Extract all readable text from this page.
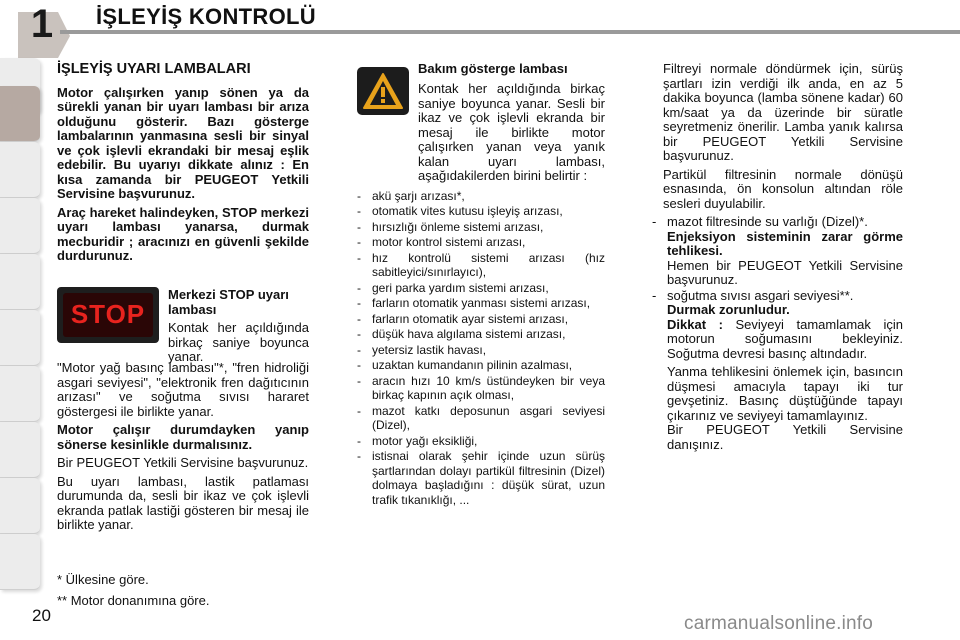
1	İŞLEYİŞ KONTROLÜ

İŞLEYİŞ UYARI LAMBALARI

Motor çalışırken yanıp sönen ya da sürekli yanan bir uyarı lambası bir arıza olduğunu gösterir. Bazı gösterge lambalarının yanmasına sesli bir sinyal ve çok işlevli ekrandaki bir mesaj eşlik edebilir. Bu uyarıyı dikkate alınız : En kısa zamanda bir PEUGEOT Yetkili Servisine başvurunuz.

Araç hareket halindeyken, STOP merkezi uyarı lambası yanarsa, durmak mecburidir ; aracınızı en güvenli şekilde durdurunuz.

STOP

Merkezi STOP uyarı lambası

Kontak her açıldığında birkaç saniye boyunca yanar.

"Motor yağ basınç lambası"*, "fren hidroliği asgari seviyesi", "elektronik fren dağıtıcının arızası" ve soğutma sıvısı hararet göstergesi ile birlikte yanar.

Motor çalışır durumdayken yanıp sönerse kesinlikle durmalısınız.

Bir PEUGEOT Yetkili Servisine başvurunuz.

Bu uyarı lambası, lastik patlaması durumunda da, sesli bir ikaz ve çok işlevli ekranda patlak lastiği gösteren bir mesaj ile birlikte yanar.

* Ülkesine göre.

** Motor donanımına göre.

Bakım gösterge lambası

Kontak her açıldığında birkaç saniye boyunca yanar. Sesli bir ikaz ve çok işlevli ekranda bir mesaj ile birlikte motor çalışırken yanan veya yanık kalan uyarı lambası, aşağıdakilerden birini belirtir :

- akü şarjı arızası*,
- otomatik vites kutusu işleyiş arızası,
- hırsızlığı önleme sistemi arızası,
- motor kontrol sistemi arızası,
- hız kontrolü sistemi arızası (hız sabitleyici/sınırlayıcı),
- geri parka yardım sistemi arızası,
- farların otomatik yanması sistemi arızası,
- farların otomatik ayar sistemi arızası,
- düşük hava algılama sistemi arızası,
- yetersiz lastik havası,
- uzaktan kumandanın pilinin azalması,
- aracın hızı 10 km/s üstündeyken bir veya birkaç kapının açık olması,
- mazot katkı deposunun asgari seviyesi (Dizel),
- motor yağı eksikliği,
- istisnai olarak şehir içinde uzun sürüş şartlarından dolayı partikül filtresinin (Dizel) dolmaya başladığını : düşük sürat, uzun trafik tıkanıklığı, ...

Filtreyi normale döndürmek için, sürüş şartları izin verdiği ilk anda, en az 5 dakika boyunca (lamba sönene kadar) 60 km/saat ya da üzerinde bir süratle seyretmeniz önerilir. Lamba yanık kalırsa bir PEUGEOT Yetkili Servisine başvurunuz.

Partikül filtresinin normale dönüşü esnasında, ön konsolun altından röle sesleri duyulabilir.

- mazot filtresinde su varlığı (Dizel)*.
Enjeksiyon sisteminin zarar görme tehlikesi.
Hemen bir PEUGEOT Yetkili Servisine başvurunuz.
- soğutma sıvısı asgari seviyesi**.
Durmak zorunludur.
Dikkat : Seviyeyi tamamlamak için motorun soğumasını bekleyiniz. Soğutma devresi basınç altındadır.
Yanma tehlikesini önlemek için, basıncın düşmesi amacıyla tapayı iki tur gevşetiniz. Basınç düştüğünde tapayı çıkarınız ve seviyeyi tamamlayınız.
Bir PEUGEOT Yetkili Servisine danışınız.
20	carmanualsonline.info
